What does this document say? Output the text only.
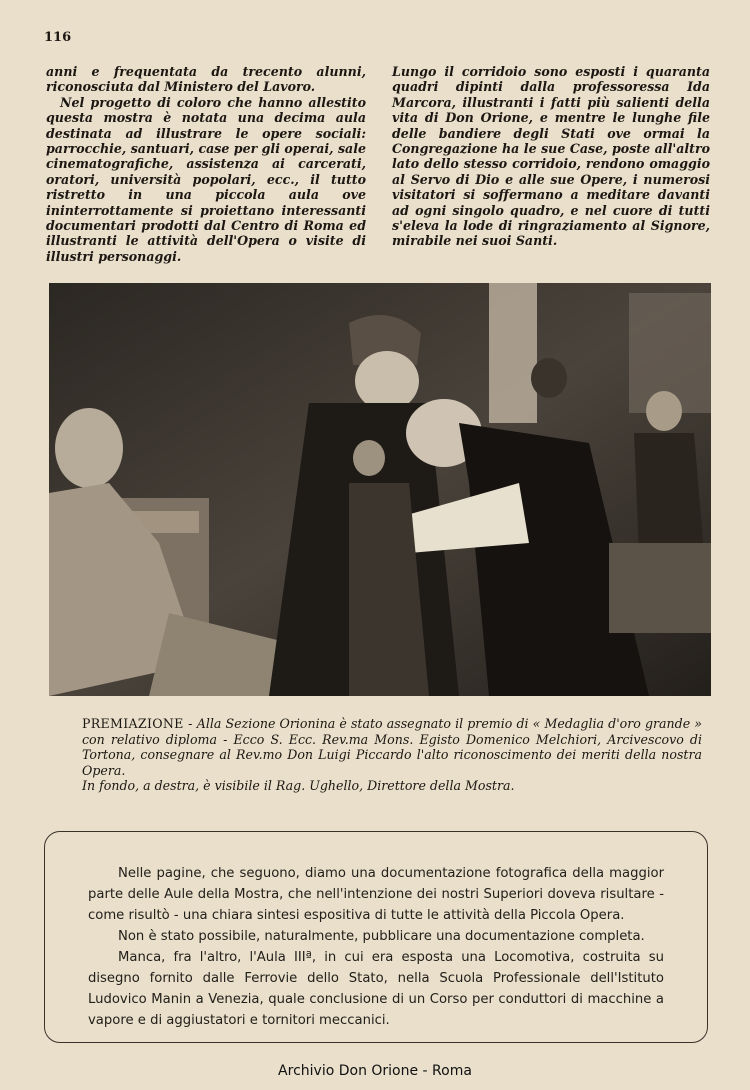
116

anni e frequentata da trecento alunni, riconosciuta dal Ministero del Lavoro.

Nel progetto di coloro che hanno allestito questa mostra è notata una decima aula destinata ad illustrare le opere sociali: parrocchie, santuari, case per gli operai, sale cinematografiche, assistenza ai carcerati, oratori, università popolari, ecc., il tutto ristretto in una piccola aula ove ininterrottamente si proiettano interessanti documentari prodotti dal Centro di Roma ed illustranti le attività dell'Opera o visite di illustri personaggi.

Lungo il corridoio sono esposti i quaranta quadri dipinti dalla professoressa Ida Marcora, illustranti i fatti più salienti della vita di Don Orione, e mentre le lunghe file delle bandiere degli Stati ove ormai la Congregazione ha le sue Case, poste all'altro lato dello stesso corridoio, rendono omaggio al Servo di Dio e alle sue Opere, i numerosi visitatori si soffermano a meditare davanti ad ogni singolo quadro, e nel cuore di tutti s'eleva la lode di ringraziamento al Signore, mirabile nei suoi Santi.

PREMIAZIONE - Alla Sezione Orionina è stato assegnato il premio di « Medaglia d'oro grande » con relativo diploma - Ecco S. Ecc. Rev.ma Mons. Egisto Domenico Melchiori, Arcivescovo di Tortona, consegnare al Rev.mo Don Luigi Piccardo l'alto riconoscimento dei meriti della nostra Opera.

In fondo, a destra, è visibile il Rag. Ughello, Direttore della Mostra.

Nelle pagine, che seguono, diamo una documentazione fotografica della maggior parte delle Aule della Mostra, che nell'intenzione dei nostri Superiori doveva risultare - come risultò - una chiara sintesi espositiva di tutte le attività della Piccola Opera.

Non è stato possibile, naturalmente, pubblicare una documentazione completa.

Manca, fra l'altro, l'Aula IIIª, in cui era esposta una Locomotiva, costruita su disegno fornito dalle Ferrovie dello Stato, nella Scuola Professionale dell'Istituto Ludovico Manin a Venezia, quale conclusione di un Corso per conduttori di macchine a vapore e di aggiustatori e tornitori meccanici.

Archivio Don Orione - Roma
